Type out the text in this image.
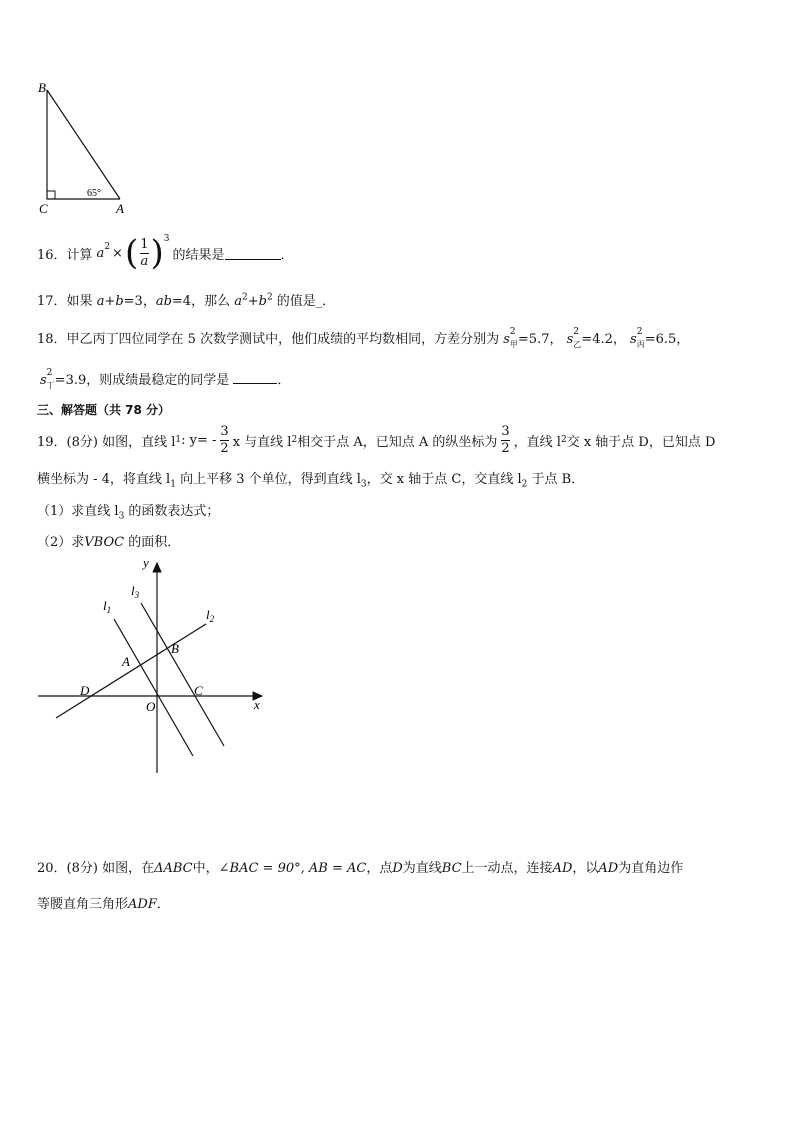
B
C	A
65°
16．计算 a 2 × ( $\frac{1}{a}$ ) 3
的结果是	．
17．如果 a+b=3，ab=4，那么 $a^2+b^2$ 的值是_．
18．甲乙丙丁四位同学在 5 次数学测试中，他们成绩的平均数相同，方差分别为 s
2
甲 =5.7， s
2
乙 =4.2， s
2
丙 =6.5，
s
2
丁 =3.9，则成绩最稳定的同学是	．
三、解答题（共 78 分）
19．(8分) 如图，直线 l 1 : $y= - \frac{3}{2}$ x 与直线 l 2 相交于点 A，已知点 A 的纵坐标为 $\frac{3}{2}$ ，直线 l 2 交 x 轴于点 D，已知点 D
横坐标为 - 4，将直线 $l_1$ 向上平移 3 个单位，得到直线 $l_3$，交 x 轴于点 C，交直线 $l_2$ 于点 B．
（1）求直线 $l_3$ 的函数表达式；
（2）求VBOC 的面积．
y
x
O
D	C
A
B
$l_1$
$l_3$
$l_2$
20．(8分) 如图，在ΔABC中，∠BAC = 90°, AB = AC，点D为直线BC上一动点，连接AD，以AD为直角边作
等腰直角三角形ADF．
